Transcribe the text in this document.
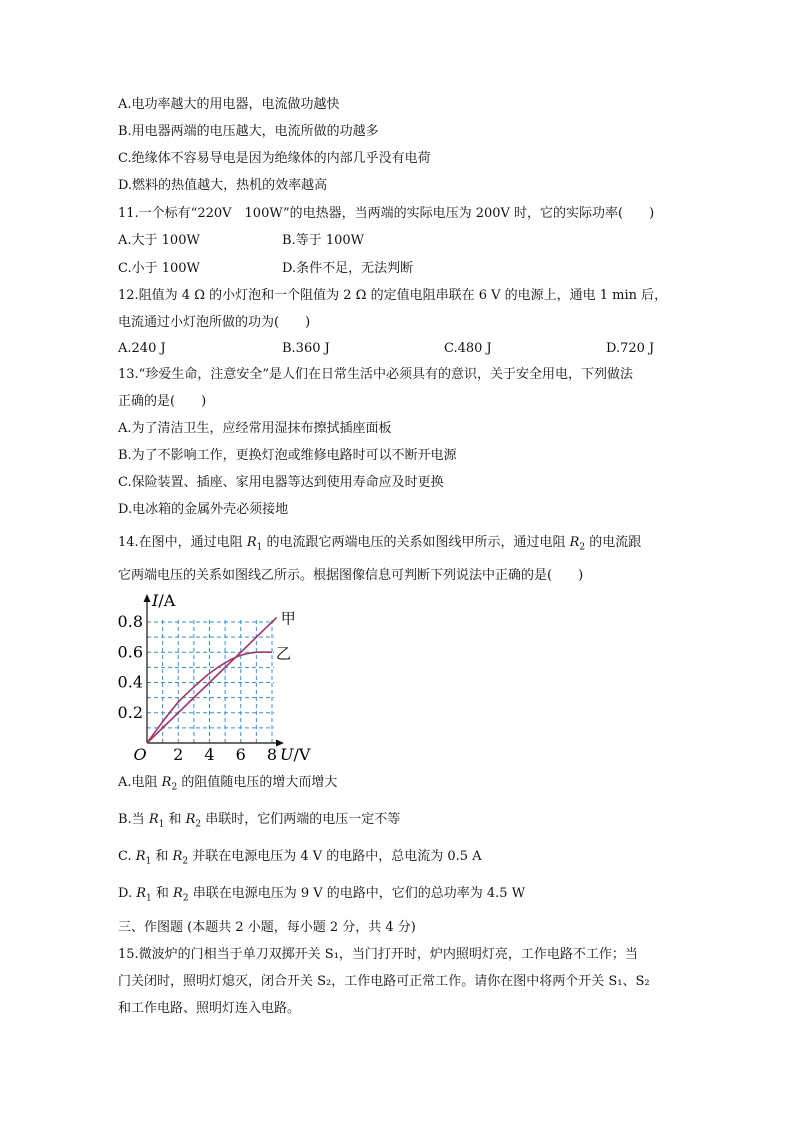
A.电功率越大的用电器，电流做功越快
B.用电器两端的电压越大，电流所做的功越多
C.绝缘体不容易导电是因为绝缘体的内部几乎没有电荷
D.燃料的热值越大，热机的效率越高
11.一个标有“220V　100W”的电热器，当两端的实际电压为 200V 时，它的实际功率(　　)
A.大于 100W	B.等于 100W
C.小于 100W	D.条件不足，无法判断
12.阻值为 4 Ω 的小灯泡和一个阻值为 2 Ω 的定值电阻串联在 6 V 的电源上，通电 1 min 后，
电流通过小灯泡所做的功为(　　)
A.240 J	B.360 J	C.480 J	D.720 J
13.“珍爱生命，注意安全”是人们在日常生活中必须具有的意识，关于安全用电，下列做法
正确的是(　　)
A.为了清洁卫生，应经常用湿抹布擦拭插座面板
B.为了不影响工作，更换灯泡或维修电路时可以不断开电源
C.保险装置、插座、家用电器等达到使用寿命应及时更换
D.电冰箱的金属外壳必须接地
14.在图中，通过电阻 $R_1$ 的电流跟它两端电压的关系如图线甲所示，通过电阻 $R_2$ 的电流跟
它两端电压的关系如图线乙所示。根据图像信息可判断下列说法中正确的是(　　)
2 4 6 8
0.2
0.4
0.6
0.8	甲
乙
I/A
U/V
O
A.电阻 $R_2$ 的阻值随电压的增大而增大
B.当 $R_1$ 和 $R_2$ 串联时，它们两端的电压一定不等
C. $R_1$ 和 $R_2$ 并联在电源电压为 4 V 的电路中，总电流为 0.5 A
D. $R_1$ 和 $R_2$ 串联在电源电压为 9 V 的电路中，它们的总功率为 4.5 W
三、作图题 (本题共 2 小题，每小题 2 分，共 4 分)
15.微波炉的门相当于单刀双掷开关 S₁，当门打开时，炉内照明灯亮，工作电路不工作；当
门关闭时，照明灯熄灭，闭合开关 S₂，工作电路可正常工作。请你在图中将两个开关 S₁、S₂
和工作电路、照明灯连入电路。
